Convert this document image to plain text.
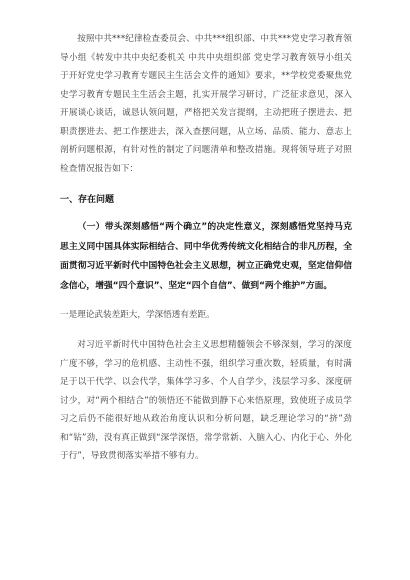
按照中共***纪律检查委员会、中共***组织部、中共***党史学习教育领导小组《转发中共中央纪委机关 中共中央组织部 党史学习教育领导小组关于开好党史学习教育专题民主生活会文件的通知》要求，**学校党委聚焦党史学习教育专题民主生活会主题，扎实开展学习研讨，广泛征求意见，深入开展谈心谈话，诚恳认领问题，严格把关发言提纲，主动把班子摆进去、把职责摆进去、把工作摆进去，深入查摆问题，从立场、品质、能力、意志上剖析问题根源，有针对性的制定了问题清单和整改措施。现将领导班子对照检查情况报告如下：

一、存在问题

（一）带头深刻感悟“两个确立”的决定性意义，深刻感悟党坚持马克思主义同中国具体实际相结合、同中华优秀传统文化相结合的非凡历程，全面贯彻习近平新时代中国特色社会主义思想，树立正确党史观，坚定信仰信念信心，增强“四个意识”、坚定“四个自信”、做到“两个维护”方面。

一是理论武装差距大，学深悟透有差距。

对习近平新时代中国特色社会主义思想精髓领会不够深刻，学习的深度广度不够，学习的危机感、主动性不强，组织学习重次数，轻质量，有时满足于以干代学、以会代学，集体学习多、个人自学少，浅层学习多、深度研讨少，对“两个相结合”的领悟还不能做到静下心来悟原理，致使班子成员学习之后仍不能很好地从政治角度认识和分析问题，缺乏理论学习的“挤”劲和“钻”劲，没有真正做到“深学深悟，常学常新、入脑入心、内化于心、外化于行”，导致贯彻落实举措不够有力。
